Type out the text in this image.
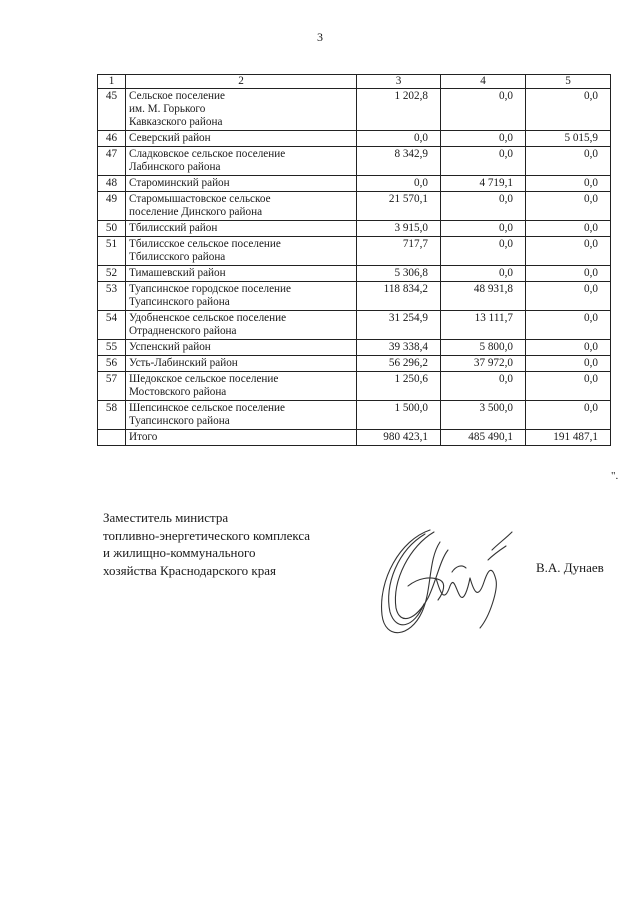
3
1	2	3	4	5
45	Сельское поселение
им. М. Горького
Кавказского района	1 202,8	0,0	0,0
46	Северский район	0,0	0,0	5 015,9
47	Сладковское сельское поселение
Лабинского района	8 342,9	0,0	0,0
48	Староминский район	0,0	4 719,1	0,0
49	Старомышастовское сельское
поселение Динского района	21 570,1	0,0	0,0
50	Тбилисский район	3 915,0	0,0	0,0
51	Тбилисское сельское поселение
Тбилисского района	717,7	0,0	0,0
52	Тимашевский район	5 306,8	0,0	0,0
53	Туапсинское городское поселение
Туапсинского района	118 834,2	48 931,8	0,0
54	Удобненское сельское поселение
Отрадненского района	31 254,9	13 111,7	0,0
55	Успенский район	39 338,4	5 800,0	0,0
56	Усть-Лабинский район	56 296,2	37 972,0	0,0
57	Шедокское сельское поселение
Мостовского района	1 250,6	0,0	0,0
58	Шепсинское сельское поселение
Туапсинского района	1 500,0	3 500,0	0,0
	Итого	980 423,1	485 490,1	191 487,1
".
Заместитель министра
топливно-энергетического комплекса
и жилищно-коммунального
хозяйства Краснодарского края	В.А. Дунаев
